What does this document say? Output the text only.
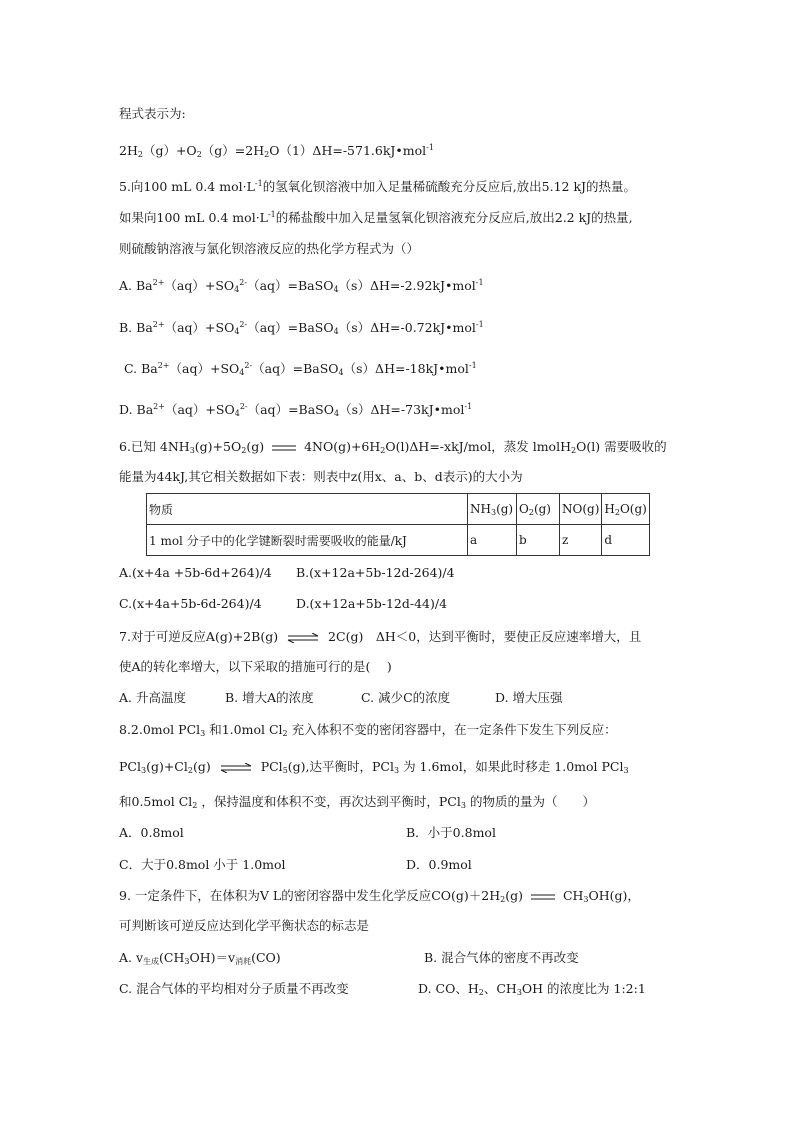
程式表示为:
$2H_2(g)+O_2(g)=2H_2O(1)\Delta H=-571.6kJ•mol^{-1}$
5.向100 mL 0.4 $mol\cdot L^{-1}$的氢氧化钡溶液中加入足量稀硫酸充分反应后,放出5.12 kJ的热量。
如果向100 mL 0.4 $mol\cdot L^{-1}$的稀盐酸中加入足量氢氧化钡溶液充分反应后,放出2.2 kJ的热量,
则硫酸钠溶液与氯化钡溶液反应的热化学方程式为（）
A. $Ba^{2+}(aq)+SO_4^{2-}(aq)=BaSO_4(s)\Delta H=-2.92kJ•mol^{-1}$
B. $Ba^{2+}(aq)+SO_4^{2-}(aq)=BaSO_4(s)\Delta H=-0.72kJ•mol^{-1}$
C. $Ba^{2+}(aq)+SO_4^{2-}(aq)=BaSO_4(s)\Delta H=-18kJ•mol^{-1}$
D. $Ba^{2+}(aq)+SO_4^{2-}(aq)=BaSO_4(s)\Delta H=-73kJ•mol^{-1}$
6.已知 $4NH_3(g)+5O_2(g)$	$4NO(g)+6H_2O(l)\Delta H=-xkJ$/mol，蒸发 lmolH$_2$O(l) 需要吸收的
能量为44kJ,其它相关数据如下表：则表中z(用x、a、b、d表示)的大小为
物质	$NH_3(g)$	$O_2(g)$	NO(g)	$H_2O(g)$
1 mol 分子中的化学键断裂时需要吸收的能量/kJ	a	b	z	d
A.(x+4a +5b-6d+264)/4 B.(x+12a+5b-12d-264)/4
C.(x+4a+5b-6d-264)/4	D.(x+12a+5b-12d-44)/4
7.对于可逆反应A(g)+2B(g) ⇌ 2C(g)　ΔH＜0，达到平衡时，要使正反应速率增大，且
使A的转化率增大，以下采取的措施可行的是(　 )
A. 升高温度	B. 增大A的浓度	C. 减少C的浓度	D. 增大压强
8.2.0mol PCl$_3$ 和1.0mol $Cl_2$ 充入体积不变的密闭容器中，在一定条件下发生下列反应：
$PCl_3(g)+Cl_2(g)$ ⇌ PCl$_5$(g),达平衡时，PCl$_3$ 为 1.6mol，如果此时移走 1.0mol PCl$_3$
和0.5mol $Cl_2$ ，保持温度和体积不变，再次达到平衡时，PCl$_3$ 的物质的量为（　　）
A．0.8mol	B．小于0.8mol
C．大于0.8mol 小于 1.0mol	D．0.9mol
9. 一定条件下，在体积为V L的密闭容器中发生化学反应$CO(g)+2H_2(g)$	$CH_3OH(g)$，
可判断该可逆反应达到化学平衡状态的标志是
A. $v_{生成}(CH_3OH)=v_{消耗}(CO)$	B. 混合气体的密度不再改变
C. 混合气体的平均相对分子质量不再改变	D. CO、$H_2$、$CH_3OH$ 的浓度比为 1:2:1
